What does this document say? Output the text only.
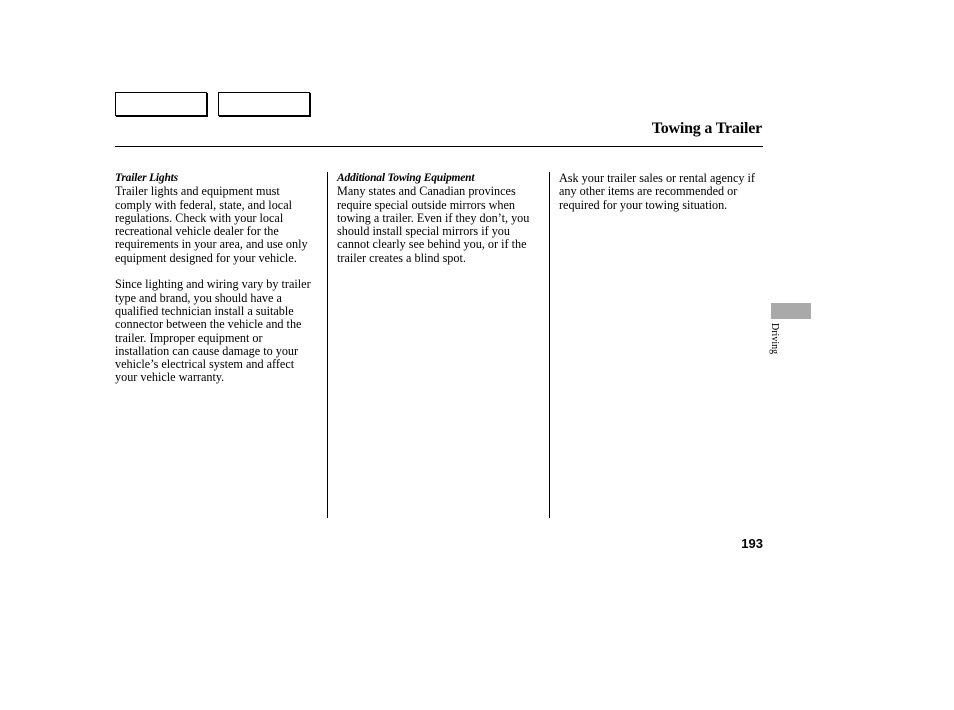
Towing a Trailer
Trailer Lights

Trailer lights and equipment must comply with federal, state, and local regulations. Check with your local recreational vehicle dealer for the requirements in your area, and use only equipment designed for your vehicle.

Since lighting and wiring vary by trailer type and brand, you should have a qualified technician install a suitable connector between the vehicle and the trailer. Improper equipment or installation can cause damage to your vehicle’s electrical system and affect your vehicle warranty.

Additional Towing Equipment

Many states and Canadian provinces require special outside mirrors when towing a trailer. Even if they don’t, you should install special mirrors if you cannot clearly see behind you, or if the trailer creates a blind spot.

Ask your trailer sales or rental agency if any other items are recommended or required for your towing situation.

Driving
193
